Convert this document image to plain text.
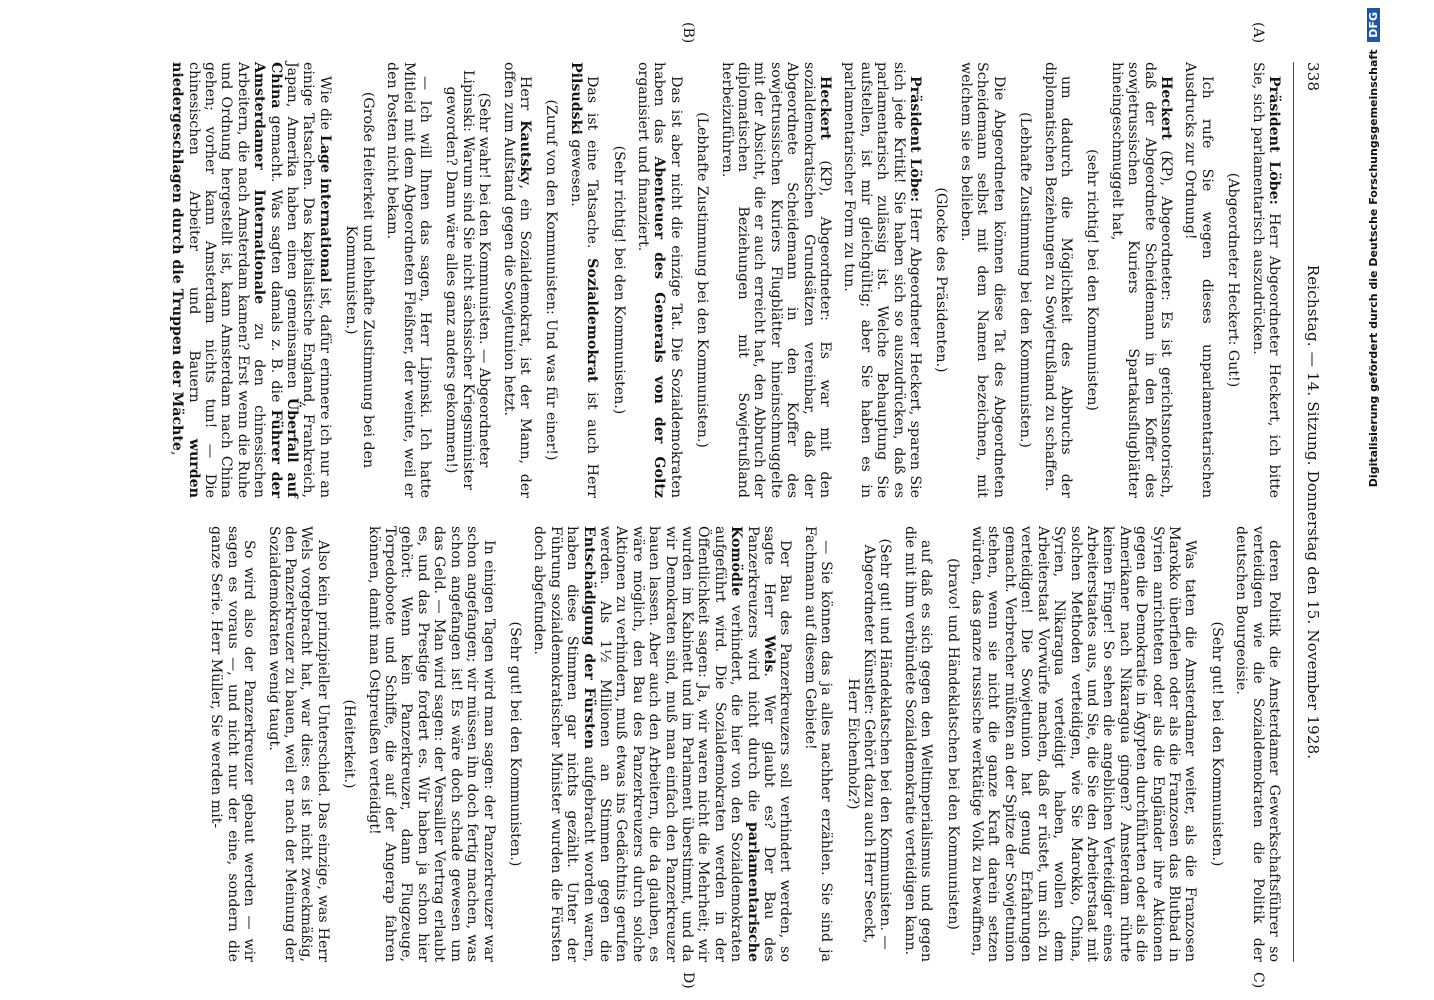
338
Reichstag. — 14. Sitzung. Donnerstag den 15. November 1928.
(A)
(B)
C)
D)

Präsident Löbe: Herr Abgeordneter Heckert, ich bitte Sie, sich parlamentarisch auszudrücken.

(Abgeordneter Heckert: Gut!)

Ich rufe Sie wegen dieses unparlamentarischen Ausdrucks zur Ordnung!

Heckert (KP), Abgeordneter: Es ist gerichtsnotorisch, daß der Abgeordnete Scheidemann in den Koffer des sowjetrussischen Kuriers Spartakusflugblätter hineingeschmuggelt hat,

(sehr richtig! bei den Kommunisten)

um dadurch die Möglichkeit des Abbruchs der diplomatischen Beziehungen zu Sowjetrußland zu schaffen.

(Lebhafte Zustimmung bei den Kommunisten.)

Die Abgeordneten können diese Tat des Abgeordneten Scheidemann selbst mit dem Namen bezeichnen, mit welchem sie es belieben.

(Glocke des Präsidenten.)

Präsident Löbe: Herr Abgeordneter Heckert, sparen Sie sich jede Kritik! Sie haben sich so auszudrücken, daß es parlamentarisch zulässig ist. Welche Behauptung Sie aufstellen, ist mir gleichgültig; aber Sie haben es in parlamentarischer Form zu tun.

Heckert (KP), Abgeordneter: Es war mit den sozialdemokratischen Grundsätzen vereinbar, daß der Abgeordnete Scheidemann in den Koffer des sowjetrussischen Kuriers Flugblätter hineinschmuggelte mit der Absicht, die er auch erreicht hat, den Abbruch der diplomatischen Beziehungen mit Sowjetrußland herbeizuführen.

(Lebhafte Zustimmung bei den Kommunisten.)

Das ist aber nicht die einzige Tat. Die Sozialdemokraten haben das Abenteuer des Generals von der Goltz organisiert und finanziert.

(Sehr richtig! bei den Kommunisten.)

Das ist eine Tatsache. Sozialdemokrat ist auch Herr Pilsudski gewesen.

(Zuruf von den Kommunisten: Und was für einer!)

Herr Kautsky, ein Sozialdemokrat, ist der Mann, der offen zum Aufstand gegen die Sowjetunion hetzt.

(Sehr wahr! bei den Kommunisten. — Abgeordneter Lipinski: Warum sind Sie nicht sächsischer Kriegsminister geworden? Dann wäre alles ganz anders gekommen!)

— Ich will Ihnen das sagen, Herr Lipinski. Ich hatte Mitleid mit dem Abgeordneten Fleißner, der weinte, weil er den Posten nicht bekam.

(Große Heiterkeit und lebhafte Zustimmung bei den Kommunisten.)

Wie die Lage international ist, dafür erinnere ich nur an einige Tatsachen. Das kapitalistische England, Frankreich, Japan, Amerika haben einen gemeinsamen Überfall auf China gemacht. Was sagten damals z. B. die Führer der Amsterdamer Internationale zu den chinesischen Arbeitern, die nach Amsterdam kamen? Erst wenn die Ruhe und Ordnung hergestellt ist, kann Amsterdam nach China gehen; vorher kann Amsterdam nichts tun! — Die chinesischen Arbeiter und Bauern wurden niedergeschlagen durch die Truppen der Mächte,

deren Politik die Amsterdamer Gewerkschaftsführer so verteidigen wie die Sozialdemokraten die Politik der deutschen Bourgeoisie.

(Sehr gut! bei den Kommunisten.)

Was taten die Amsterdamer weiter, als die Franzosen Marokko überfielen oder als die Franzosen das Blutbad in Syrien anrichteten oder als die Engländer ihre Aktionen gegen die Demokratie in Ägypten durchführten oder als die Amerikaner nach Nikaragua gingen? Amsterdam rührte keinen Finger! So sehen die angeblichen Verteidiger eines Arbeiterstaates aus, und Sie, die Sie den Arbeiterstaat mit solchen Methoden verteidigen, wie Sie Marokko, China, Syrien, Nikaragua verteidigt haben, wollen dem Arbeiterstaat Vorwürfe machen, daß er rüstet, um sich zu verteidigen! Die Sowjetunion hat genug Erfahrungen gemacht. Verbrecher müßten an der Spitze der Sowjetunion stehen, wenn sie nicht die ganze Kraft darein setzen würden, das ganze russische werktätige Volk zu bewaffnen,

(bravo! und Händeklatschen bei den Kommunisten)

auf daß es sich gegen den Weltimperialismus und gegen die mit ihm verbündete Sozialdemokratie verteidigen kann.

(Sehr gut! und Händeklatschen bei den Kommunisten. — Abgeordneter Künstler: Gehört dazu auch Herr Seeckt, Herr Eichenholz?)

— Sie können das ja alles nachher erzählen. Sie sind ja Fachmann auf diesem Gebiete!

Der Bau des Panzerkreuzers soll verhindert werden, so sagte Herr Wels. Wer glaubt es? Der Bau des Panzerkreuzers wird nicht durch die parlamentarische Komödie verhindert, die hier von den Sozialdemokraten aufgeführt wird. Die Sozialdemokraten werden in der Öffentlichkeit sagen: Ja, wir waren nicht die Mehrheit; wir wurden im Kabinett und im Parlament überstimmt, und da wir Demokraten sind, muß man einfach den Panzerkreuzer bauen lassen. Aber auch den Arbeitern, die da glauben, es wäre möglich, den Bau des Panzerkreuzers durch solche Aktionen zu verhindern, muß etwas ins Gedächtnis gerufen werden. Als 1½ Millionen an Stimmen gegen die Entschädigung der Fürsten aufgebracht worden waren, haben diese Stimmen gar nichts gezählt. Unter der Führung sozialdemokratischer Minister wurden die Fürsten doch abgefunden.

(Sehr gut! bei den Kommunisten.)

In einigen Tagen wird man sagen: der Panzerkreuzer war schon angefangen; wir müssen ihn doch fertig machen, was schon angefangen ist! Es wäre doch schade gewesen um das Geld. — Man wird sagen: der Versailler Vertrag erlaubt es, und das Prestige fordert es. Wir haben ja schon hier gehört: Wenn kein Panzerkreuzer, dann Flugzeuge, Torpedoboote und Schiffe, die auf der Angerap fahren können, damit man Ostpreußen verteidigt!

(Heiterkeit.)

Also kein prinzipieller Unterschied. Das einzige, was Herr Wels vorgebracht hat, war dies: es ist nicht zweckmäßig, den Panzerkreuzer zu bauen, weil er nach der Meinung der Sozialdemokraten wenig taugt.

So wird also der Panzerkreuzer gebaut werden — wir sagen es voraus —, und nicht nur der eine, sondern die ganze Serie. Herr Müller, Sie werden mit-

Digitalisierung gefördert durch die Deutsche Forschungsgemeinschaft DFG
